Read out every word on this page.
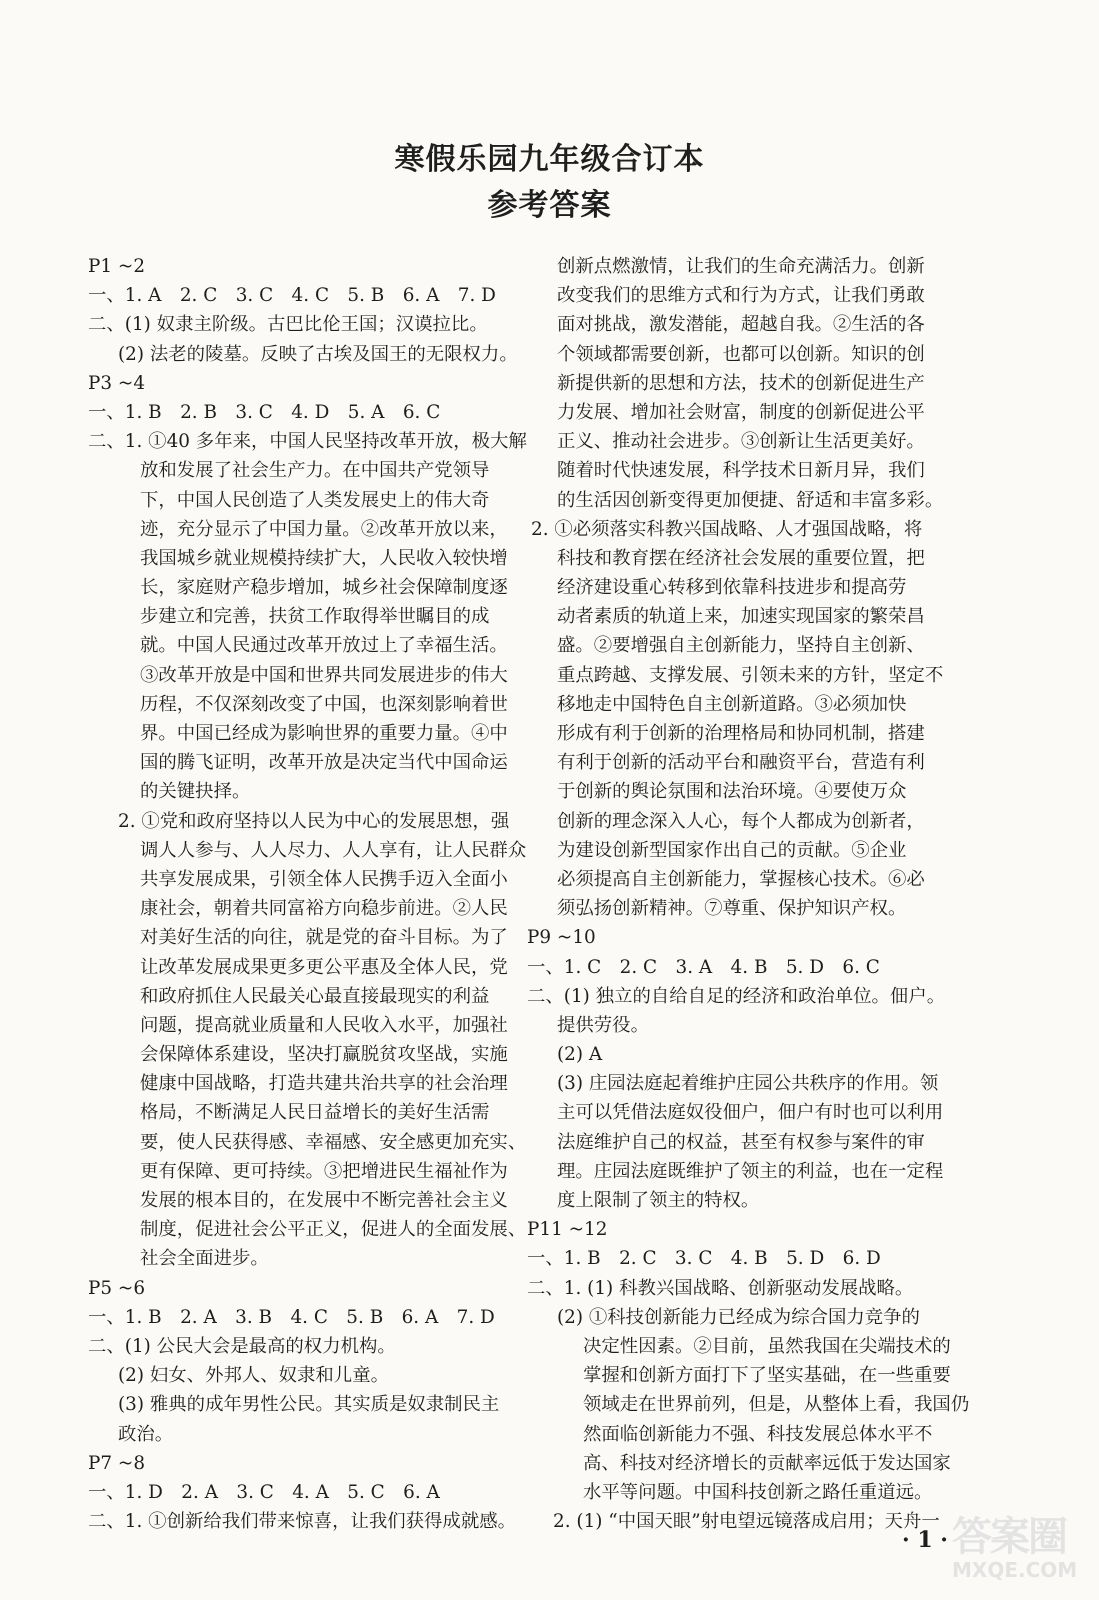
寒假乐园九年级合订本
参考答案
P1 ~2
一、1. A　2. C　3. C　4. C　5. B　6. A　7. D
二、(1) 奴隶主阶级。古巴比伦王国；汉谟拉比。
(2) 法老的陵墓。反映了古埃及国王的无限权力。
P3 ~4
一、1. B　2. B　3. C　4. D　5. A　6. C
二、1. ①40 多年来，中国人民坚持改革开放，极大解
放和发展了社会生产力。在中国共产党领导
下，中国人民创造了人类发展史上的伟大奇
迹，充分显示了中国力量。②改革开放以来，
我国城乡就业规模持续扩大，人民收入较快增
长，家庭财产稳步增加，城乡社会保障制度逐
步建立和完善，扶贫工作取得举世瞩目的成
就。中国人民通过改革开放过上了幸福生活。
③改革开放是中国和世界共同发展进步的伟大
历程，不仅深刻改变了中国，也深刻影响着世
界。中国已经成为影响世界的重要力量。④中
国的腾飞证明，改革开放是决定当代中国命运
的关键抉择。
2. ①党和政府坚持以人民为中心的发展思想，强
调人人参与、人人尽力、人人享有，让人民群众
共享发展成果，引领全体人民携手迈入全面小
康社会，朝着共同富裕方向稳步前进。②人民
对美好生活的向往，就是党的奋斗目标。为了
让改革发展成果更多更公平惠及全体人民，党
和政府抓住人民最关心最直接最现实的利益
问题，提高就业质量和人民收入水平，加强社
会保障体系建设，坚决打赢脱贫攻坚战，实施
健康中国战略，打造共建共治共享的社会治理
格局，不断满足人民日益增长的美好生活需
要，使人民获得感、幸福感、安全感更加充实、
更有保障、更可持续。③把增进民生福祉作为
发展的根本目的，在发展中不断完善社会主义
制度，促进社会公平正义，促进人的全面发展、
社会全面进步。
P5 ~6
一、1. B　2. A　3. B　4. C　5. B　6. A　7. D
二、(1) 公民大会是最高的权力机构。
(2) 妇女、外邦人、奴隶和儿童。
(3) 雅典的成年男性公民。其实质是奴隶制民主
政治。
P7 ~8
一、1. D　2. A　3. C　4. A　5. C　6. A
二、1. ①创新给我们带来惊喜，让我们获得成就感。
创新点燃激情，让我们的生命充满活力。创新
改变我们的思维方式和行为方式，让我们勇敢
面对挑战，激发潜能，超越自我。②生活的各
个领域都需要创新，也都可以创新。知识的创
新提供新的思想和方法，技术的创新促进生产
力发展、增加社会财富，制度的创新促进公平
正义、推动社会进步。③创新让生活更美好。
随着时代快速发展，科学技术日新月异，我们
的生活因创新变得更加便捷、舒适和丰富多彩。
2. ①必须落实科教兴国战略、人才强国战略，将
科技和教育摆在经济社会发展的重要位置，把
经济建设重心转移到依靠科技进步和提高劳
动者素质的轨道上来，加速实现国家的繁荣昌
盛。②要增强自主创新能力，坚持自主创新、
重点跨越、支撑发展、引领未来的方针，坚定不
移地走中国特色自主创新道路。③必须加快
形成有利于创新的治理格局和协同机制，搭建
有利于创新的活动平台和融资平台，营造有利
于创新的舆论氛围和法治环境。④要使万众
创新的理念深入人心，每个人都成为创新者，
为建设创新型国家作出自己的贡献。⑤企业
必须提高自主创新能力，掌握核心技术。⑥必
须弘扬创新精神。⑦尊重、保护知识产权。
P9 ~10
一、1. C　2. C　3. A　4. B　5. D　6. C
二、(1) 独立的自给自足的经济和政治单位。佃户。
提供劳役。
(2) A
(3) 庄园法庭起着维护庄园公共秩序的作用。领
主可以凭借法庭奴役佃户，佃户有时也可以利用
法庭维护自己的权益，甚至有权参与案件的审
理。庄园法庭既维护了领主的利益，也在一定程
度上限制了领主的特权。
P11 ~12
一、1. B　2. C　3. C　4. B　5. D　6. D
二、1. (1) 科教兴国战略、创新驱动发展战略。
(2) ①科技创新能力已经成为综合国力竞争的
决定性因素。②目前，虽然我国在尖端技术的
掌握和创新方面打下了坚实基础，在一些重要
领域走在世界前列，但是，从整体上看，我国仍
然面临创新能力不强、科技发展总体水平不
高、科技对经济增长的贡献率远低于发达国家
水平等问题。中国科技创新之路任重道远。
2. (1) “中国天眼”射电望远镜落成启用；天舟一
· 1 · 答案圈
MXQE.COM
